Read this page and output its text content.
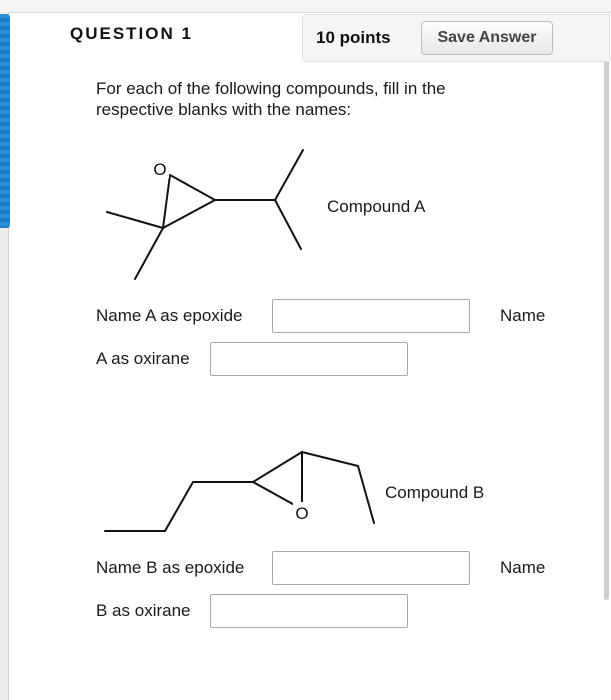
QUESTION 1	10 points	Save Answer
For each of the following compounds, fill in the respective blanks with the names:
O
Compound A
Name A as epoxide	Name
A as oxirane
O
Compound B
Name B as epoxide	Name
B as oxirane
